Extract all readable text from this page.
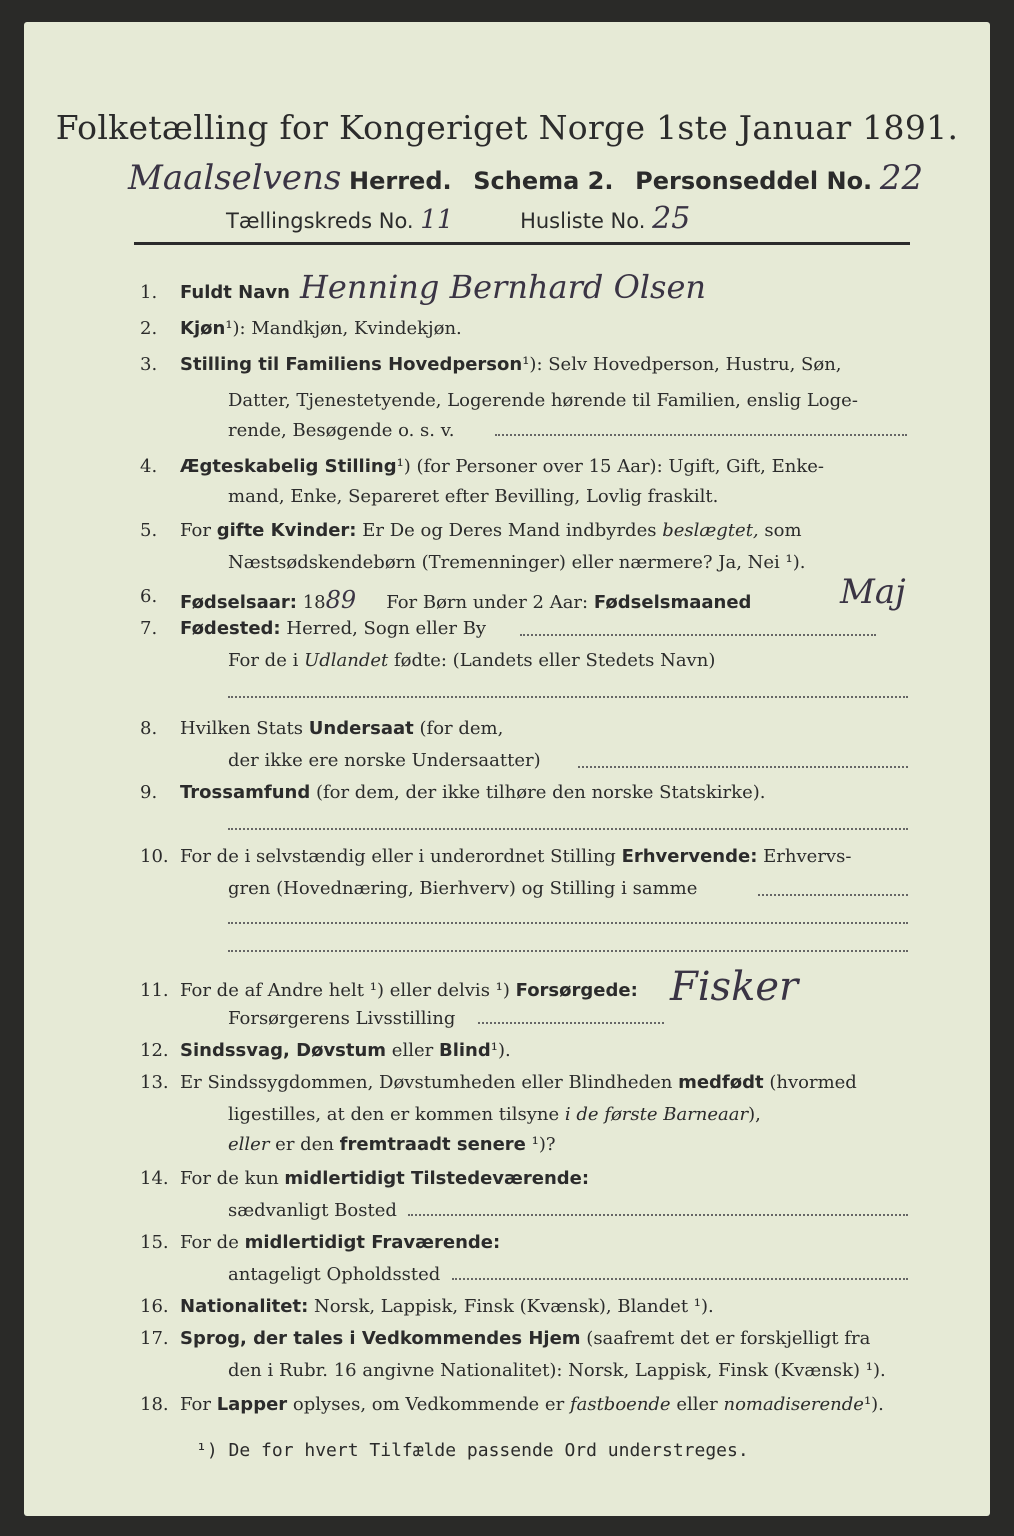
Folketælling for Kongeriget Norge 1ste Januar 1891.
Maalselvens Herred. Schema 2. Personseddel No. 22
Tællingskreds No. 11	Husliste No. 25
1.	Fuldt Navn Henning Bernhard Olsen
2.	Kjøn¹): Mandkjøn, Kvindekjøn.
3.	Stilling til Familiens Hovedperson¹): Selv Hovedperson, Hustru, Søn,
Datter, Tjenestetyende, Logerende hørende til Familien, enslig Loge-
rende, Besøgende o. s. v.
4.	Ægteskabelig Stilling¹) (for Personer over 15 Aar): Ugift, Gift, Enke-
mand, Enke, Separeret efter Bevilling, Lovlig fraskilt.
5.	For gifte Kvinder: Er De og Deres Mand indbyrdes beslægtet, som
Næstsødskendebørn (Tremenninger) eller nærmere? Ja, Nei ¹).
6.	Fødselsaar: 1889 For Børn under 2 Aar: Fødselsmaaned	Maj
7.	Fødested: Herred, Sogn eller By
For de i Udlandet fødte: (Landets eller Stedets Navn)
8.	Hvilken Stats Undersaat (for dem,
der ikke ere norske Undersaatter)
9.	Trossamfund (for dem, der ikke tilhøre den norske Statskirke).
10. For de i selvstændig eller i underordnet Stilling Erhvervende: Erhvervs-
gren (Hovednæring, Bierhverv) og Stilling i samme
11. For de af Andre helt ¹) eller delvis ¹) Forsørgede: Fisker
Forsørgerens Livsstilling
12. Sindssvag, Døvstum eller Blind¹).
13. Er Sindssygdommen, Døvstumheden eller Blindheden medfødt (hvormed
ligestilles, at den er kommen tilsyne i de første Barneaar),
eller er den fremtraadt senere ¹)?
14. For de kun midlertidigt Tilstedeværende:
sædvanligt Bosted
15. For de midlertidigt Fraværende:
antageligt Opholdssted
16. Nationalitet: Norsk, Lappisk, Finsk (Kvænsk), Blandet ¹).
17. Sprog, der tales i Vedkommendes Hjem (saafremt det er forskjelligt fra
den i Rubr. 16 angivne Nationalitet): Norsk, Lappisk, Finsk (Kvænsk) ¹).
18. For Lapper oplyses, om Vedkommende er fastboende eller nomadiserende¹).
¹) De for hvert Tilfælde passende Ord understreges.
